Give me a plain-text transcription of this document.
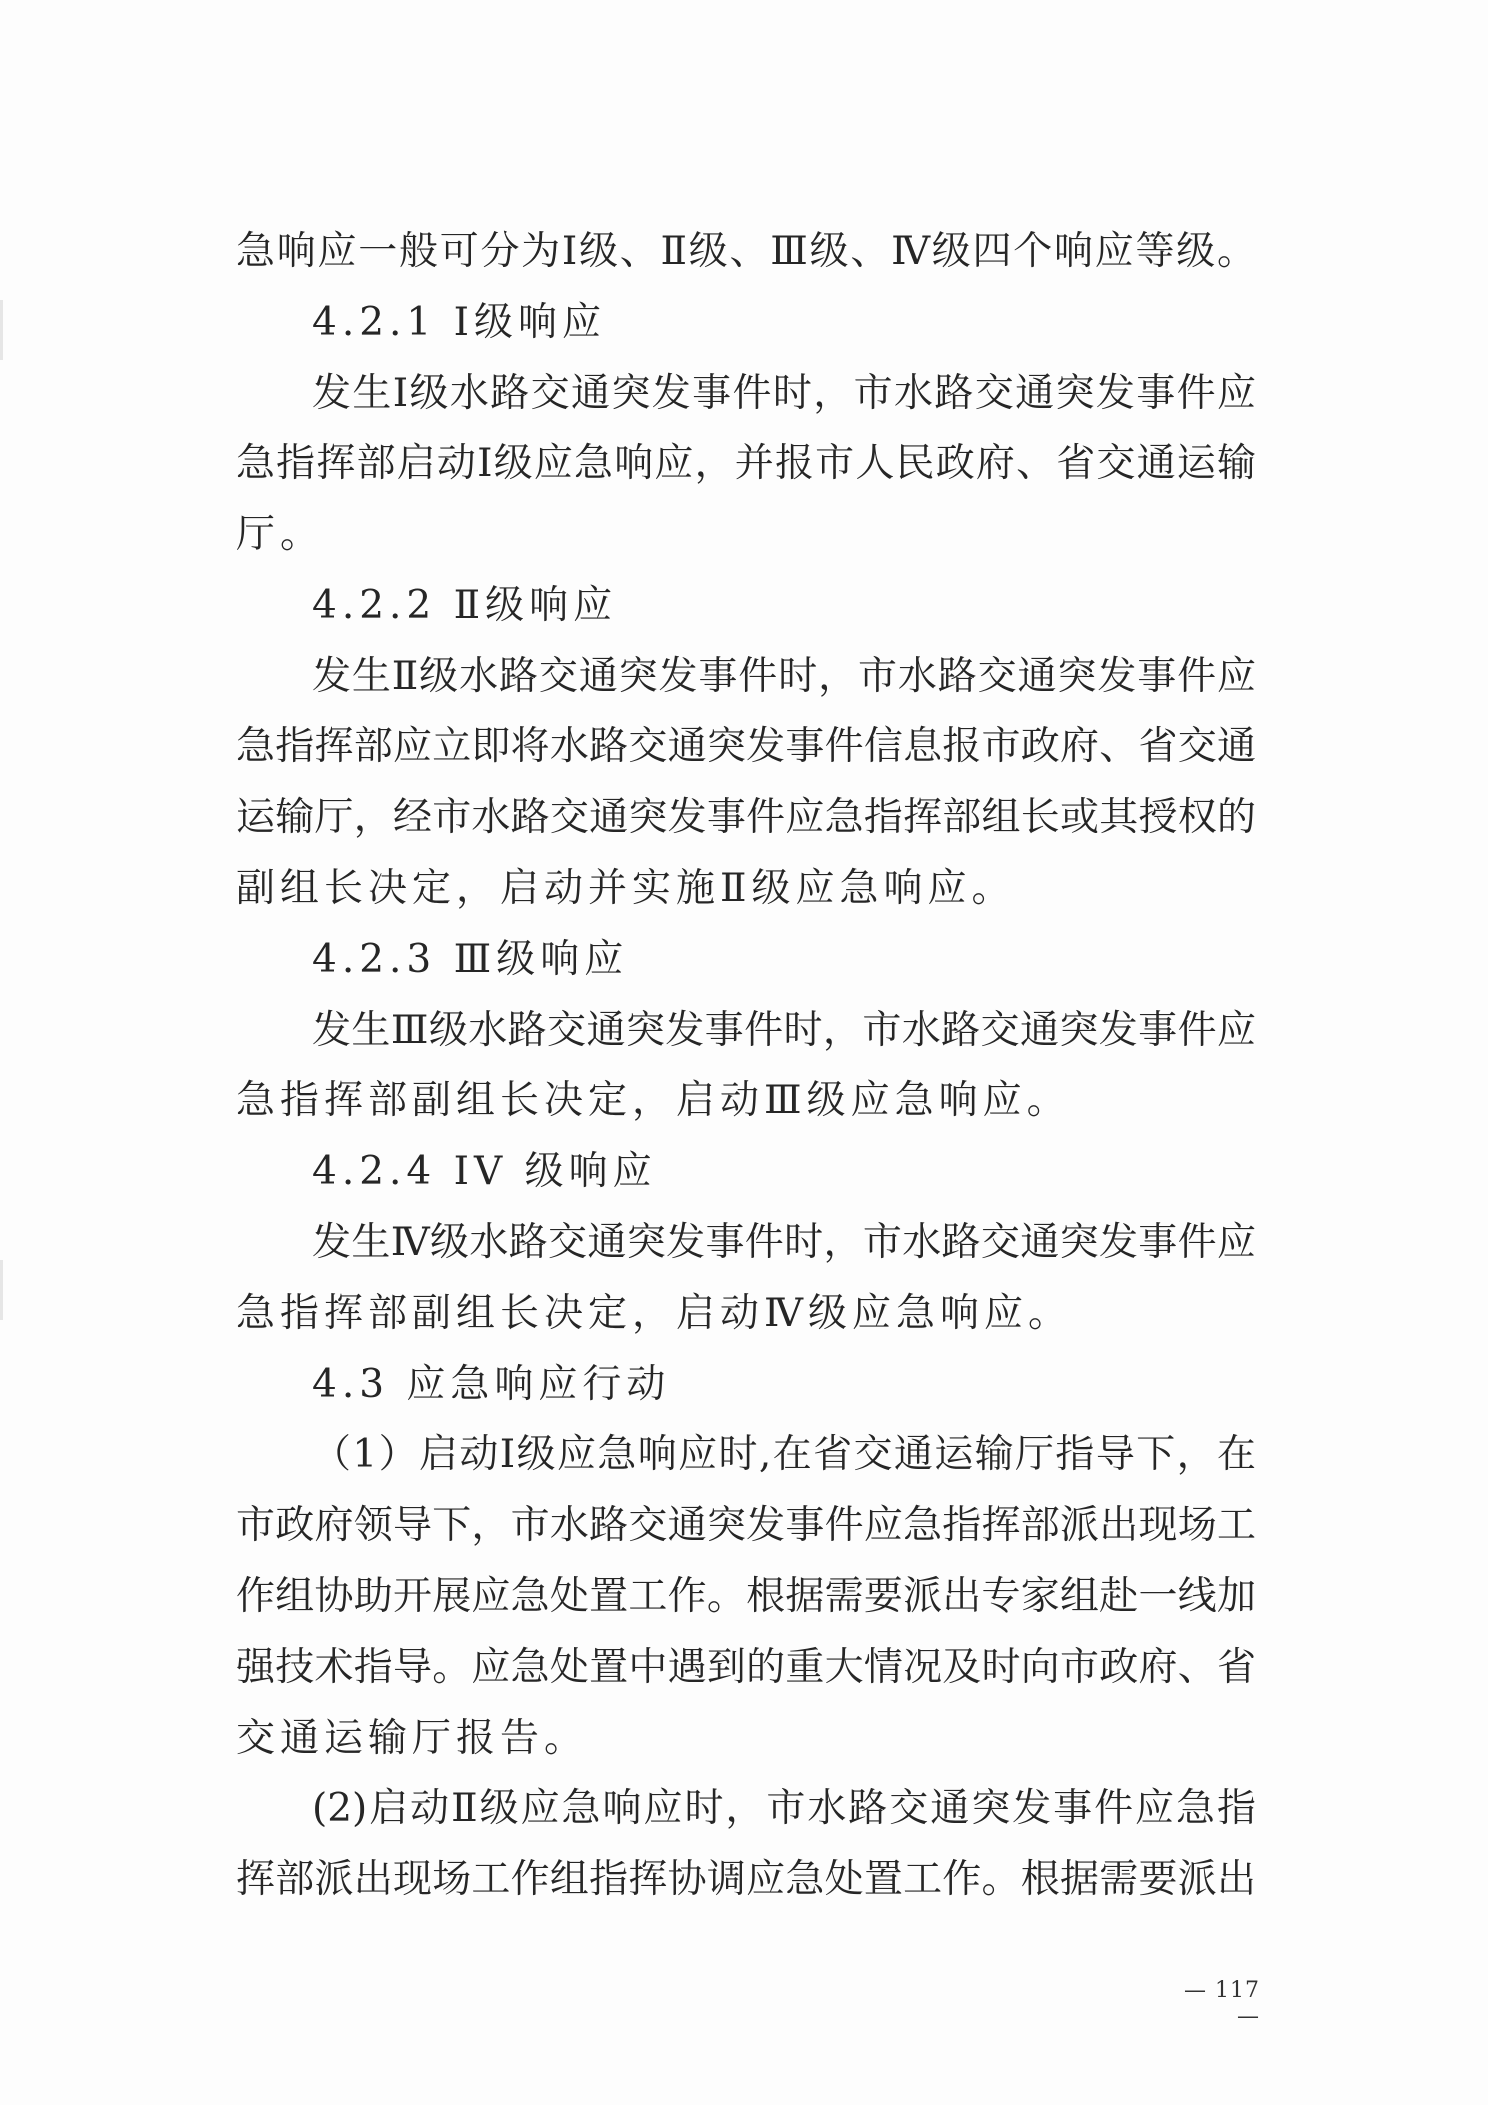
急响应一般可分为Ⅰ级、Ⅱ级、Ⅲ级、Ⅳ级四个响应等级。
4.2.1 Ⅰ级响应
发生Ⅰ级水路交通突发事件时，市水路交通突发事件应
急指挥部启动Ⅰ级应急响应，并报市人民政府、省交通运输
厅。
4.2.2 Ⅱ级响应
发生Ⅱ级水路交通突发事件时，市水路交通突发事件应
急指挥部应立即将水路交通突发事件信息报市政府、省交通
运输厅，经市水路交通突发事件应急指挥部组长或其授权的
副组长决定，启动并实施Ⅱ级应急响应。
4.2.3 Ⅲ级响应
发生Ⅲ级水路交通突发事件时，市水路交通突发事件应
急指挥部副组长决定，启动Ⅲ级应急响应。
4.2.4 IV 级响应
发生Ⅳ级水路交通突发事件时，市水路交通突发事件应
急指挥部副组长决定，启动Ⅳ级应急响应。
4.3 应急响应行动
（1）启动Ⅰ级应急响应时,在省交通运输厅指导下，在
市政府领导下，市水路交通突发事件应急指挥部派出现场工
作组协助开展应急处置工作。根据需要派出专家组赴一线加
强技术指导。应急处置中遇到的重大情况及时向市政府、省
交通运输厅报告。
(2)启动Ⅱ级应急响应时，市水路交通突发事件应急指
挥部派出现场工作组指挥协调应急处置工作。根据需要派出
— 117 —
